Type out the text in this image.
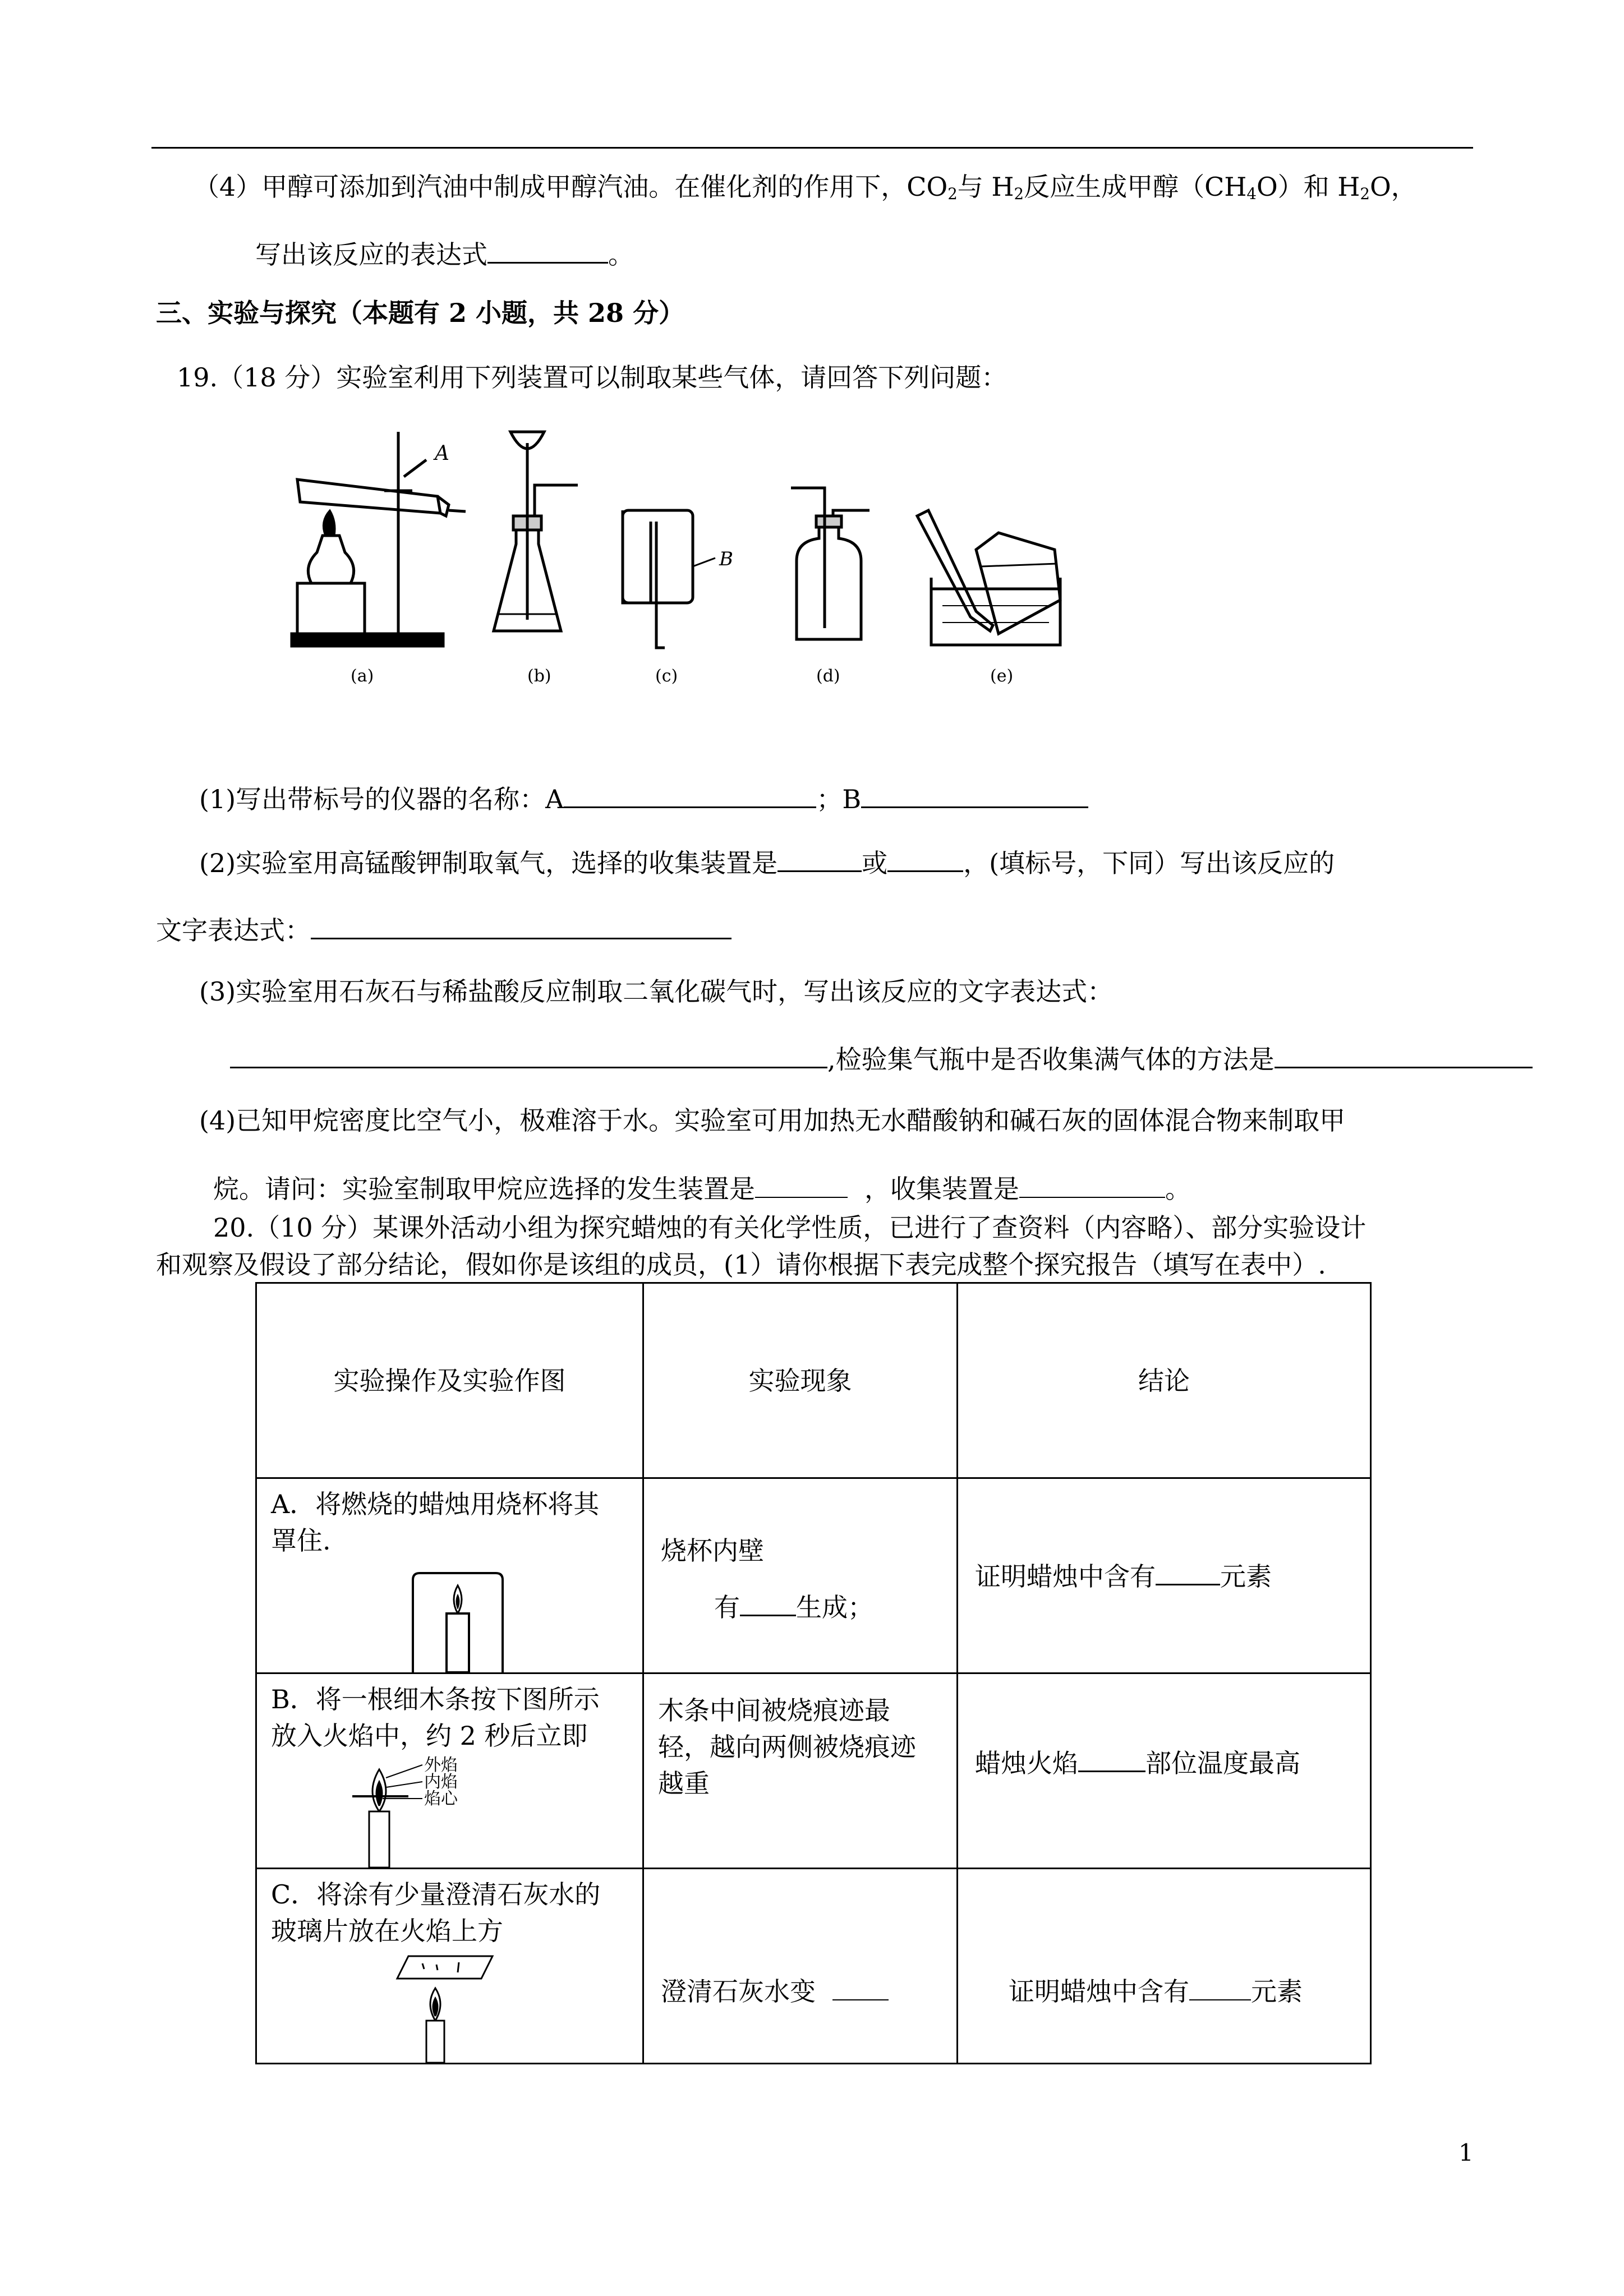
（4）甲醇可添加到汽油中制成甲醇汽油。在催化剂的作用下，$CO_2$与 $H_2$反应生成甲醇$(CH_4O)$和 $H_2O$，
写出该反应的表达式	。
三、实验与探究（本题有 2 小题，共 28 分）
19.（18 分）实验室利用下列装置可以制取某些气体，请回答下列问题：
A
B
(a)	(b)	(c)	(d)	(e)
(1)写出带标号的仪器的名称：A	；B
(2)实验室用高锰酸钾制取氧气，选择的收集装置是	或	，(填标号，下同）写出该反应的
文字表达式：
(3)实验室用石灰石与稀盐酸反应制取二氧化碳气时，写出该反应的文字表达式：
,检验集气瓶中是否收集满气体的方法是
(4)已知甲烷密度比空气小，极难溶于水。实验室可用加热无水醋酸钠和碱石灰的固体混合物来制取甲
烷。请问：实验室制取甲烷应选择的发生装置是	，收集装置是	。
20.（10 分）某课外活动小组为探究蜡烛的有关化学性质，已进行了查资料（内容略）、部分实验设计
和观察及假设了部分结论，假如你是该组的成员，(1）请你根据下表完成整个探究报告（填写在表中）.
实验操作及实验作图	实验现象	结论

A．将燃烧的蜡烛用烧杯将其
罩住.	烧杯内壁
有 生成；	证明蜡烛中含有 元素

B．将一根细木条按下图所示
放入火焰中，约 2 秒后立即
外焰
内焰
焰心	木条中间被烧痕迹最
轻，越向两侧被烧痕迹
越重	蜡烛火焰 部位温度最高

C．将涂有少量澄清石灰水的
玻璃片放在火焰上方	澄清石灰水变	证明蜡烛中含有 元素
1
